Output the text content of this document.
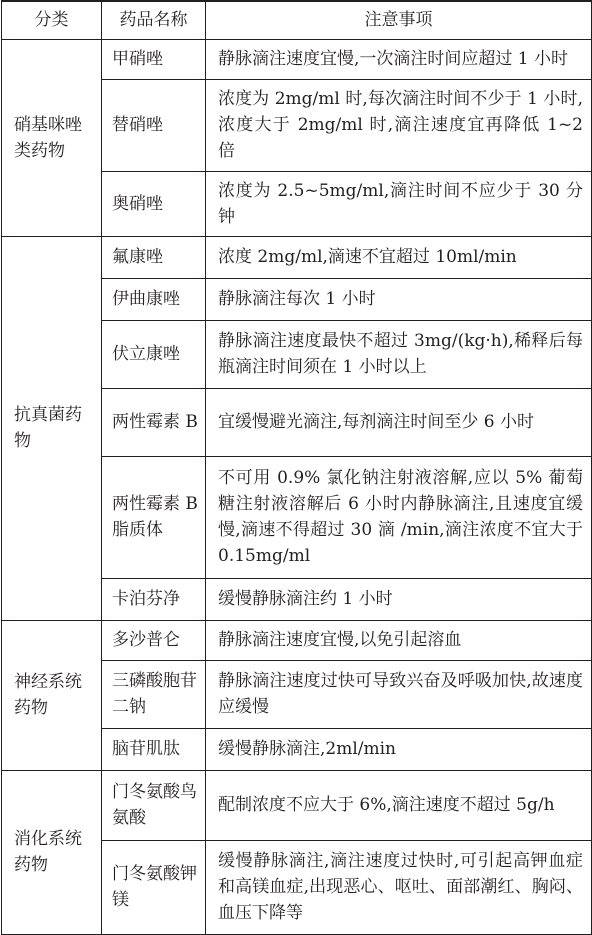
分类	药品名称	注意事项
硝基咪唑类药物	甲硝唑	静脉滴注速度宜慢,一次滴注时间应超过 1 小时
	替硝唑	浓度为 2mg/ml 时,每次滴注时间不少于 1 小时,浓度大于 2mg/ml 时,滴注速度宜再降低 1~2 倍
	奥硝唑	浓度为 2.5~5mg/ml,滴注时间不应少于 30 分钟
抗真菌药物	氟康唑	浓度 2mg/ml,滴速不宜超过 10ml/min
	伊曲康唑	静脉滴注每次 1 小时
	伏立康唑	静脉滴注速度最快不超过 3mg/(kg·h),稀释后每瓶滴注时间须在 1 小时以上
	两性霉素 B	宜缓慢避光滴注,每剂滴注时间至少 6 小时
	两性霉素 B 脂质体	不可用 0.9% 氯化钠注射液溶解,应以 5% 葡萄糖注射液溶解后 6 小时内静脉滴注,且速度宜缓慢,滴速不得超过 30 滴 /min,滴注浓度不宜大于 0.15mg/ml
	卡泊芬净	缓慢静脉滴注约 1 小时
神经系统药物	多沙普仑	静脉滴注速度宜慢,以免引起溶血
	三磷酸胞苷二钠	静脉滴注速度过快可导致兴奋及呼吸加快,故速度应缓慢
	脑苷肌肽	缓慢静脉滴注,2ml/min
消化系统药物	门冬氨酸鸟氨酸	配制浓度不应大于 6%,滴注速度不超过 5g/h
	门冬氨酸钾镁	缓慢静脉滴注,滴注速度过快时,可引起高钾血症和高镁血症,出现恶心、呕吐、面部潮红、胸闷、血压下降等
